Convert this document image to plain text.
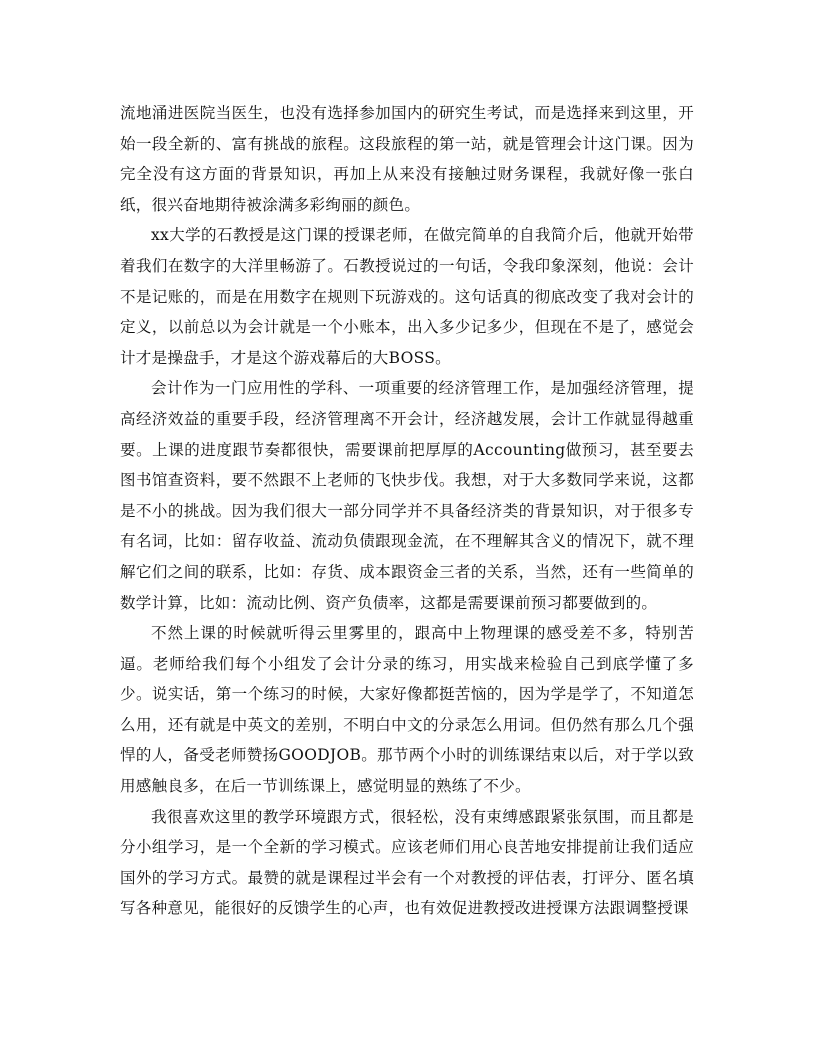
流地涌进医院当医生，也没有选择参加国内的研究生考试，而是选择来到这里，开始一段全新的、富有挑战的旅程。这段旅程的第一站，就是管理会计这门课。因为完全没有这方面的背景知识，再加上从来没有接触过财务课程，我就好像一张白纸，很兴奋地期待被涂满多彩绚丽的颜色。

xx大学的石教授是这门课的授课老师，在做完简单的自我简介后，他就开始带着我们在数字的大洋里畅游了。石教授说过的一句话，令我印象深刻，他说：会计不是记账的，而是在用数字在规则下玩游戏的。这句话真的彻底改变了我对会计的定义，以前总以为会计就是一个小账本，出入多少记多少，但现在不是了，感觉会计才是操盘手，才是这个游戏幕后的大BOSS。

会计作为一门应用性的学科、一项重要的经济管理工作，是加强经济管理，提高经济效益的重要手段，经济管理离不开会计，经济越发展，会计工作就显得越重要。上课的进度跟节奏都很快，需要课前把厚厚的Accounting做预习，甚至要去图书馆查资料，要不然跟不上老师的飞快步伐。我想，对于大多数同学来说，这都是不小的挑战。因为我们很大一部分同学并不具备经济类的背景知识，对于很多专有名词，比如：留存收益、流动负债跟现金流，在不理解其含义的情况下，就不理解它们之间的联系，比如：存货、成本跟资金三者的关系，当然，还有一些简单的数学计算，比如：流动比例、资产负债率，这都是需要课前预习都要做到的。

不然上课的时候就听得云里雾里的，跟高中上物理课的感受差不多，特别苦逼。老师给我们每个小组发了会计分录的练习，用实战来检验自己到底学懂了多少。说实话，第一个练习的时候，大家好像都挺苦恼的，因为学是学了，不知道怎么用，还有就是中英文的差别，不明白中文的分录怎么用词。但仍然有那么几个强悍的人，备受老师赞扬GOODJOB。那节两个小时的训练课结束以后，对于学以致用感触良多，在后一节训练课上，感觉明显的熟练了不少。

我很喜欢这里的教学环境跟方式，很轻松，没有束缚感跟紧张氛围，而且都是分小组学习，是一个全新的学习模式。应该老师们用心良苦地安排提前让我们适应国外的学习方式。最赞的就是课程过半会有一个对教授的评估表，打评分、匿名填写各种意见，能很好的反馈学生的心声，也有效促进教授改进授课方法跟调整授课
